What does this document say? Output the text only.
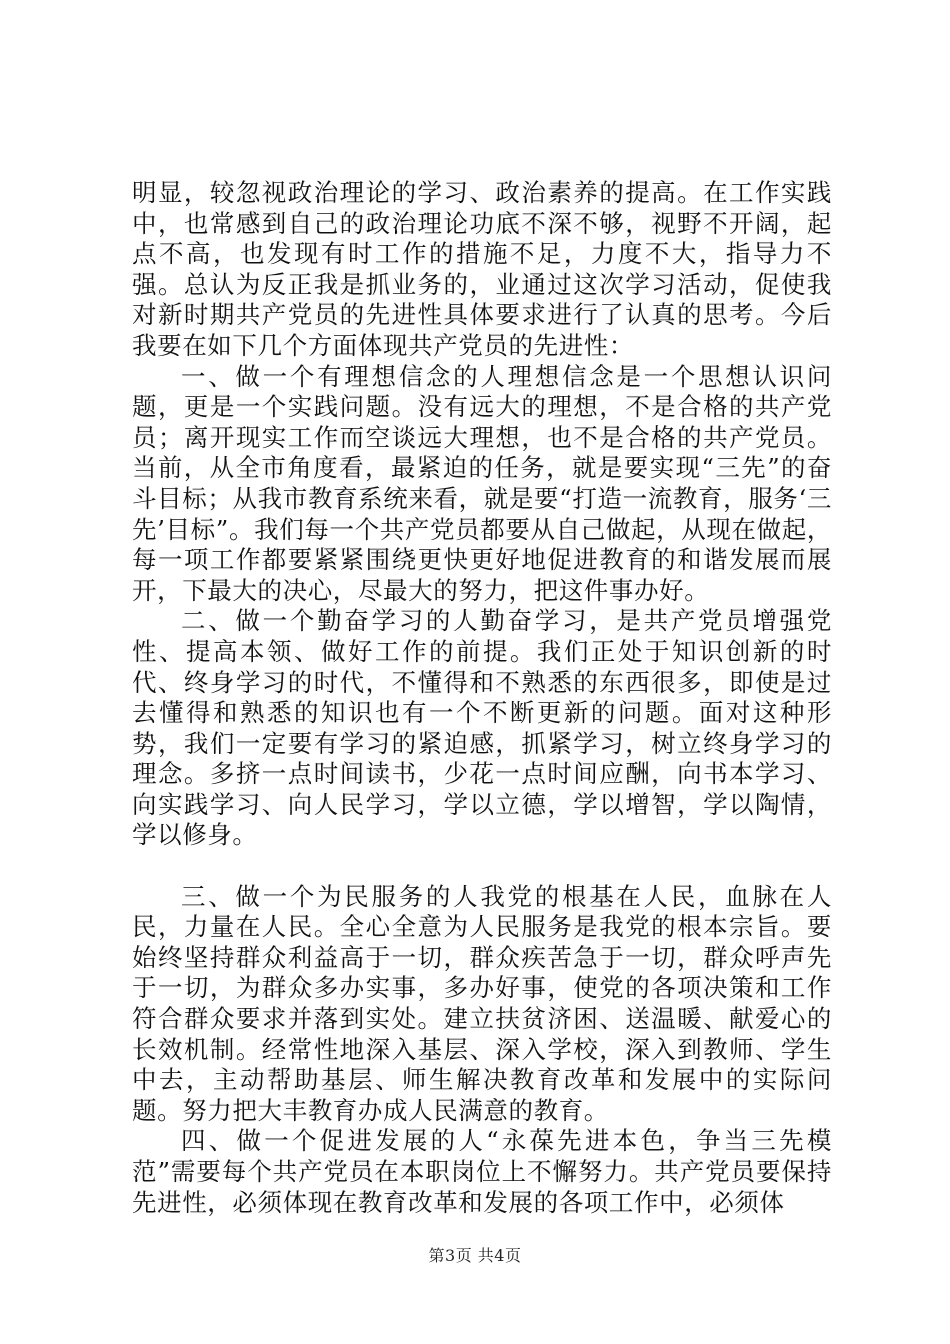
明显，较忽视政治理论的学习、政治素养的提高。在工作实践中，也常感到自己的政治理论功底不深不够，视野不开阔，起点不高，也发现有时工作的措施不足，力度不大，指导力不强。总认为反正我是抓业务的，业通过这次学习活动，促使我对新时期共产党员的先进性具体要求进行了认真的思考。今后我要在如下几个方面体现共产党员的先进性：

一、做一个有理想信念的人理想信念是一个思想认识问题，更是一个实践问题。没有远大的理想，不是合格的共产党员；离开现实工作而空谈远大理想，也不是合格的共产党员。当前，从全市角度看，最紧迫的任务，就是要实现“三先”的奋斗目标；从我市教育系统来看，就是要“打造一流教育，服务‘三先’目标”。我们每一个共产党员都要从自己做起，从现在做起，每一项工作都要紧紧围绕更快更好地促进教育的和谐发展而展开，下最大的决心，尽最大的努力，把这件事办好。

二、做一个勤奋学习的人勤奋学习，是共产党员增强党性、提高本领、做好工作的前提。我们正处于知识创新的时代、终身学习的时代，不懂得和不熟悉的东西很多，即使是过去懂得和熟悉的知识也有一个不断更新的问题。面对这种形势，我们一定要有学习的紧迫感，抓紧学习，树立终身学习的理念。多挤一点时间读书，少花一点时间应酬，向书本学习、向实践学习、向人民学习，学以立德，学以增智，学以陶情，学以修身。

三、做一个为民服务的人我党的根基在人民，血脉在人民，力量在人民。全心全意为人民服务是我党的根本宗旨。要始终坚持群众利益高于一切，群众疾苦急于一切，群众呼声先于一切，为群众多办实事，多办好事，使党的各项决策和工作符合群众要求并落到实处。建立扶贫济困、送温暖、献爱心的长效机制。经常性地深入基层、深入学校，深入到教师、学生中去，主动帮助基层、师生解决教育改革和发展中的实际问题。努力把大丰教育办成人民满意的教育。

四、做一个促进发展的人“永葆先进本色，争当三先模范”需要每个共产党员在本职岗位上不懈努力。共产党员要保持先进性，必须体现在教育改革和发展的各项工作中，必须体

第3页 共4页
